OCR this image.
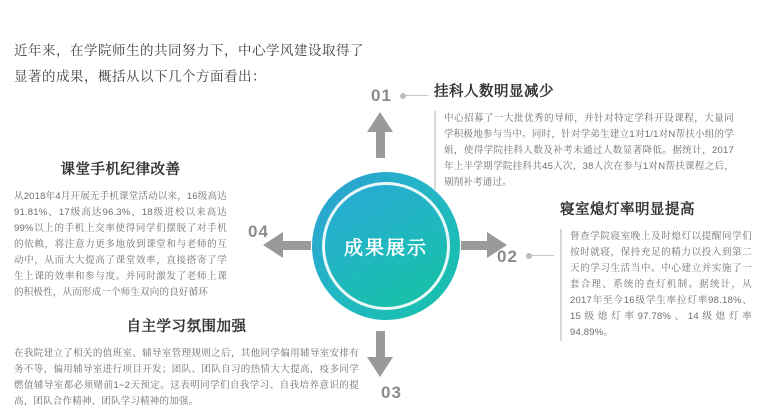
近年来，在学院师生的共同努力下，中心学风建设取得了显著的成果，概括从以下几个方面看出：
成果展示
01
02
03
04
挂科人数明显减少
中心招募了一大批优秀的导师，并针对特定学科开设课程，大量同学积极地参与当中。同时，针对学弟生建立1对1/1对N帮扶小组的学姐，使得学院挂科人数及补考未通过人数显著降低。据统计，2017年上半学期学院挂科共45人次，38人次在参与1对N帮扶课程之后，剔削补考通过。
寝室熄灯率明显提高
督查学院寝室晚上及时熄灯以提醒同学们按时就寝，保持充足的精力以投入到第二天的学习生活当中。中心建立并实施了一套合理、系统的查灯机制。据统计，从2017年至今16级学生率拉灯率98.18%、15级熄灯率97.78%、14级熄灯率94.89%。
自主学习氛围加强
在我院建立了相关的值班室、辅导室管理规则之后，其他同学偏用辅导室安排有务不等，偏用辅导室进行项目开发；团队、团队自习的热情大大提高，疫多同学燃值辅导室都必须赌前1~2天预定。这表明同学们自我学习、自我培养意识的提高，团队合作精神、团队学习精神的加强。
课堂手机纪律改善
从2018年4月开展无手机课堂活动以来，16级高达91.81%、17级高达96.3%、18级进校以来高达99%以上的手机上交率使得同学们摆脱了对手机的依赖，将注意力更多地放到课堂和与老师的互动中，从而大大提高了课堂效率，直接搭寄了学生上课的效率和参与度。并同时激发了老师上课的积极性，从而形成一个师生双向的良好循环
